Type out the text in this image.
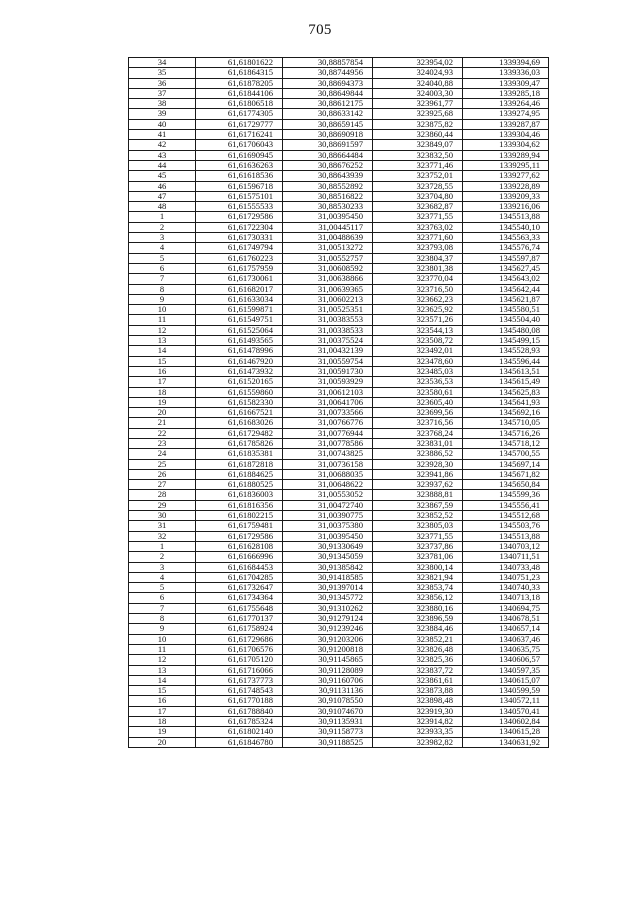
705
34	61,61801622	30,88857854	323954,02	1339394,69
35	61,61864315	30,88744956	324024,93	1339336,03
36	61,61878205	30,88694373	324040,88	1339309,47
37	61,61844106	30,88649844	324003,30	1339285,18
38	61,61806518	30,88612175	323961,77	1339264,46
39	61,61774305	30,88633142	323925,68	1339274,95
40	61,61729777	30,88659145	323875,82	1339287,87
41	61,61716241	30,88690918	323860,44	1339304,46
42	61,61706043	30,88691597	323849,07	1339304,62
43	61,61690945	30,88664484	323832,50	1339289,94
44	61,61636263	30,88676252	323771,46	1339295,11
45	61,61618536	30,88643939	323752,01	1339277,62
46	61,61596718	30,88552892	323728,55	1339228,89
47	61,61575101	30,88516822	323704,80	1339209,33
48	61,61555533	30,88530233	323682,87	1339216,06
1	61,61729586	31,00395450	323771,55	1345513,88
2	61,61722304	31,00445117	323763,02	1345540,10
3	61,61730331	31,00488639	323771,60	1345563,33
4	61,61749794	31,00513272	323793,08	1345576,74
5	61,61760223	31,00552757	323804,37	1345597,87
6	61,61757959	31,00608592	323801,38	1345627,45
7	61,61730061	31,00638866	323770,04	1345643,02
8	61,61682017	31,00639365	323716,50	1345642,44
9	61,61633034	31,00602213	323662,23	1345621,87
10	61,61599871	31,00525351	323625,92	1345580,51
11	61,61549751	31,00383553	323571,26	1345504,40
12	61,61525064	31,00338533	323544,13	1345480,08
13	61,61493565	31,00375524	323508,72	1345499,15
14	61,61478996	31,00432139	323492,01	1345528,93
15	61,61467920	31,00559754	323478,60	1345596,44
16	61,61473932	31,00591730	323485,03	1345613,51
17	61,61520165	31,00593929	323536,53	1345615,49
18	61,61559860	31,00612103	323580,61	1345625,83
19	61,61582330	31,00641706	323605,40	1345641,93
20	61,61667521	31,00733566	323699,56	1345692,16
21	61,61683026	31,00766776	323716,56	1345710,05
22	61,61729482	31,00776944	323768,24	1345716,26
23	61,61785826	31,00778586	323831,01	1345718,12
24	61,61835381	31,00743825	323886,52	1345700,55
25	61,61872818	31,00736158	323928,30	1345697,14
26	61,61884625	31,00688035	323941,86	1345671,82
27	61,61880525	31,00648622	323937,62	1345650,84
28	61,61836003	31,00553052	323888,81	1345599,36
29	61,61816356	31,00472740	323867,59	1345556,41
30	61,61802215	31,00390775	323852,52	1345512,68
31	61,61759481	31,00375380	323805,03	1345503,76
32	61,61729586	31,00395450	323771,55	1345513,88
1	61,61628108	30,91330649	323737,86	1340703,12
2	61,61666996	30,91345059	323781,06	1340711,51
3	61,61684453	30,91385842	323800,14	1340733,48
4	61,61704285	30,91418585	323821,94	1340751,23
5	61,61732647	30,91397014	323853,74	1340740,33
6	61,61734364	30,91345772	323856,12	1340713,18
7	61,61755648	30,91310262	323880,16	1340694,75
8	61,61770137	30,91279124	323896,59	1340678,51
9	61,61758924	30,91239246	323884,46	1340657,14
10	61,61729686	30,91203206	323852,21	1340637,46
11	61,61706576	30,91200818	323826,48	1340635,75
12	61,61705120	30,91145865	323825,36	1340606,57
13	61,61716066	30,91128089	323837,72	1340597,35
14	61,61737773	30,91160706	323861,61	1340615,07
15	61,61748543	30,91131136	323873,88	1340599,59
16	61,61770188	30,91078550	323898,48	1340572,11
17	61,61788840	30,91074670	323919,30	1340570,41
18	61,61785324	30,91135931	323914,82	1340602,84
19	61,61802140	30,91158773	323933,35	1340615,28
20	61,61846780	30,91188525	323982,82	1340631,92
